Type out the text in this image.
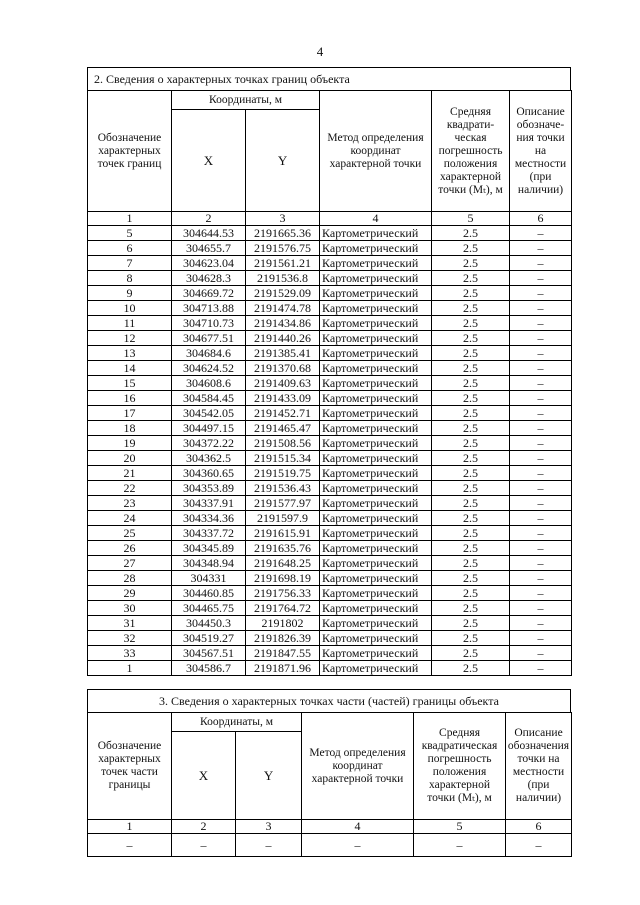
4
2. Сведения о характерных точках границ объекта
Обозначение характерных точек границ	Координаты, м		Метод определения координат характерной точки	Средняя квадрати-ческая погрешность положения характерной точки (Mₜ), м	Описание обозначе-ния точки на местности (при наличии)
	X	Y			
1	2	3	4	5	6
5	304644.53	2191665.36	Картометрический	2.5	–
6	304655.7	2191576.75	Картометрический	2.5	–
7	304623.04	2191561.21	Картометрический	2.5	–
8	304628.3	2191536.8	Картометрический	2.5	–
9	304669.72	2191529.09	Картометрический	2.5	–
10	304713.88	2191474.78	Картометрический	2.5	–
11	304710.73	2191434.86	Картометрический	2.5	–
12	304677.51	2191440.26	Картометрический	2.5	–
13	304684.6	2191385.41	Картометрический	2.5	–
14	304624.52	2191370.68	Картометрический	2.5	–
15	304608.6	2191409.63	Картометрический	2.5	–
16	304584.45	2191433.09	Картометрический	2.5	–
17	304542.05	2191452.71	Картометрический	2.5	–
18	304497.15	2191465.47	Картометрический	2.5	–
19	304372.22	2191508.56	Картометрический	2.5	–
20	304362.5	2191515.34	Картометрический	2.5	–
21	304360.65	2191519.75	Картометрический	2.5	–
22	304353.89	2191536.43	Картометрический	2.5	–
23	304337.91	2191577.97	Картометрический	2.5	–
24	304334.36	2191597.9	Картометрический	2.5	–
25	304337.72	2191615.91	Картометрический	2.5	–
26	304345.89	2191635.76	Картометрический	2.5	–
27	304348.94	2191648.25	Картометрический	2.5	–
28	304331	2191698.19	Картометрический	2.5	–
29	304460.85	2191756.33	Картометрический	2.5	–
30	304465.75	2191764.72	Картометрический	2.5	–
31	304450.3	2191802	Картометрический	2.5	–
32	304519.27	2191826.39	Картометрический	2.5	–
33	304567.51	2191847.55	Картометрический	2.5	–
1	304586.7	2191871.96	Картометрический	2.5	–
3. Сведения о характерных точках части (частей) границы объекта
Обозначение характерных точек части границы	Координаты, м		Метод определения координат характерной точки	Средняя квадратическая погрешность положения характерной точки (Mₜ), м	Описание обозначения точки на местности (при наличии)
	X	Y			
1	2	3	4	5	6
–	–	–	–	–	–
